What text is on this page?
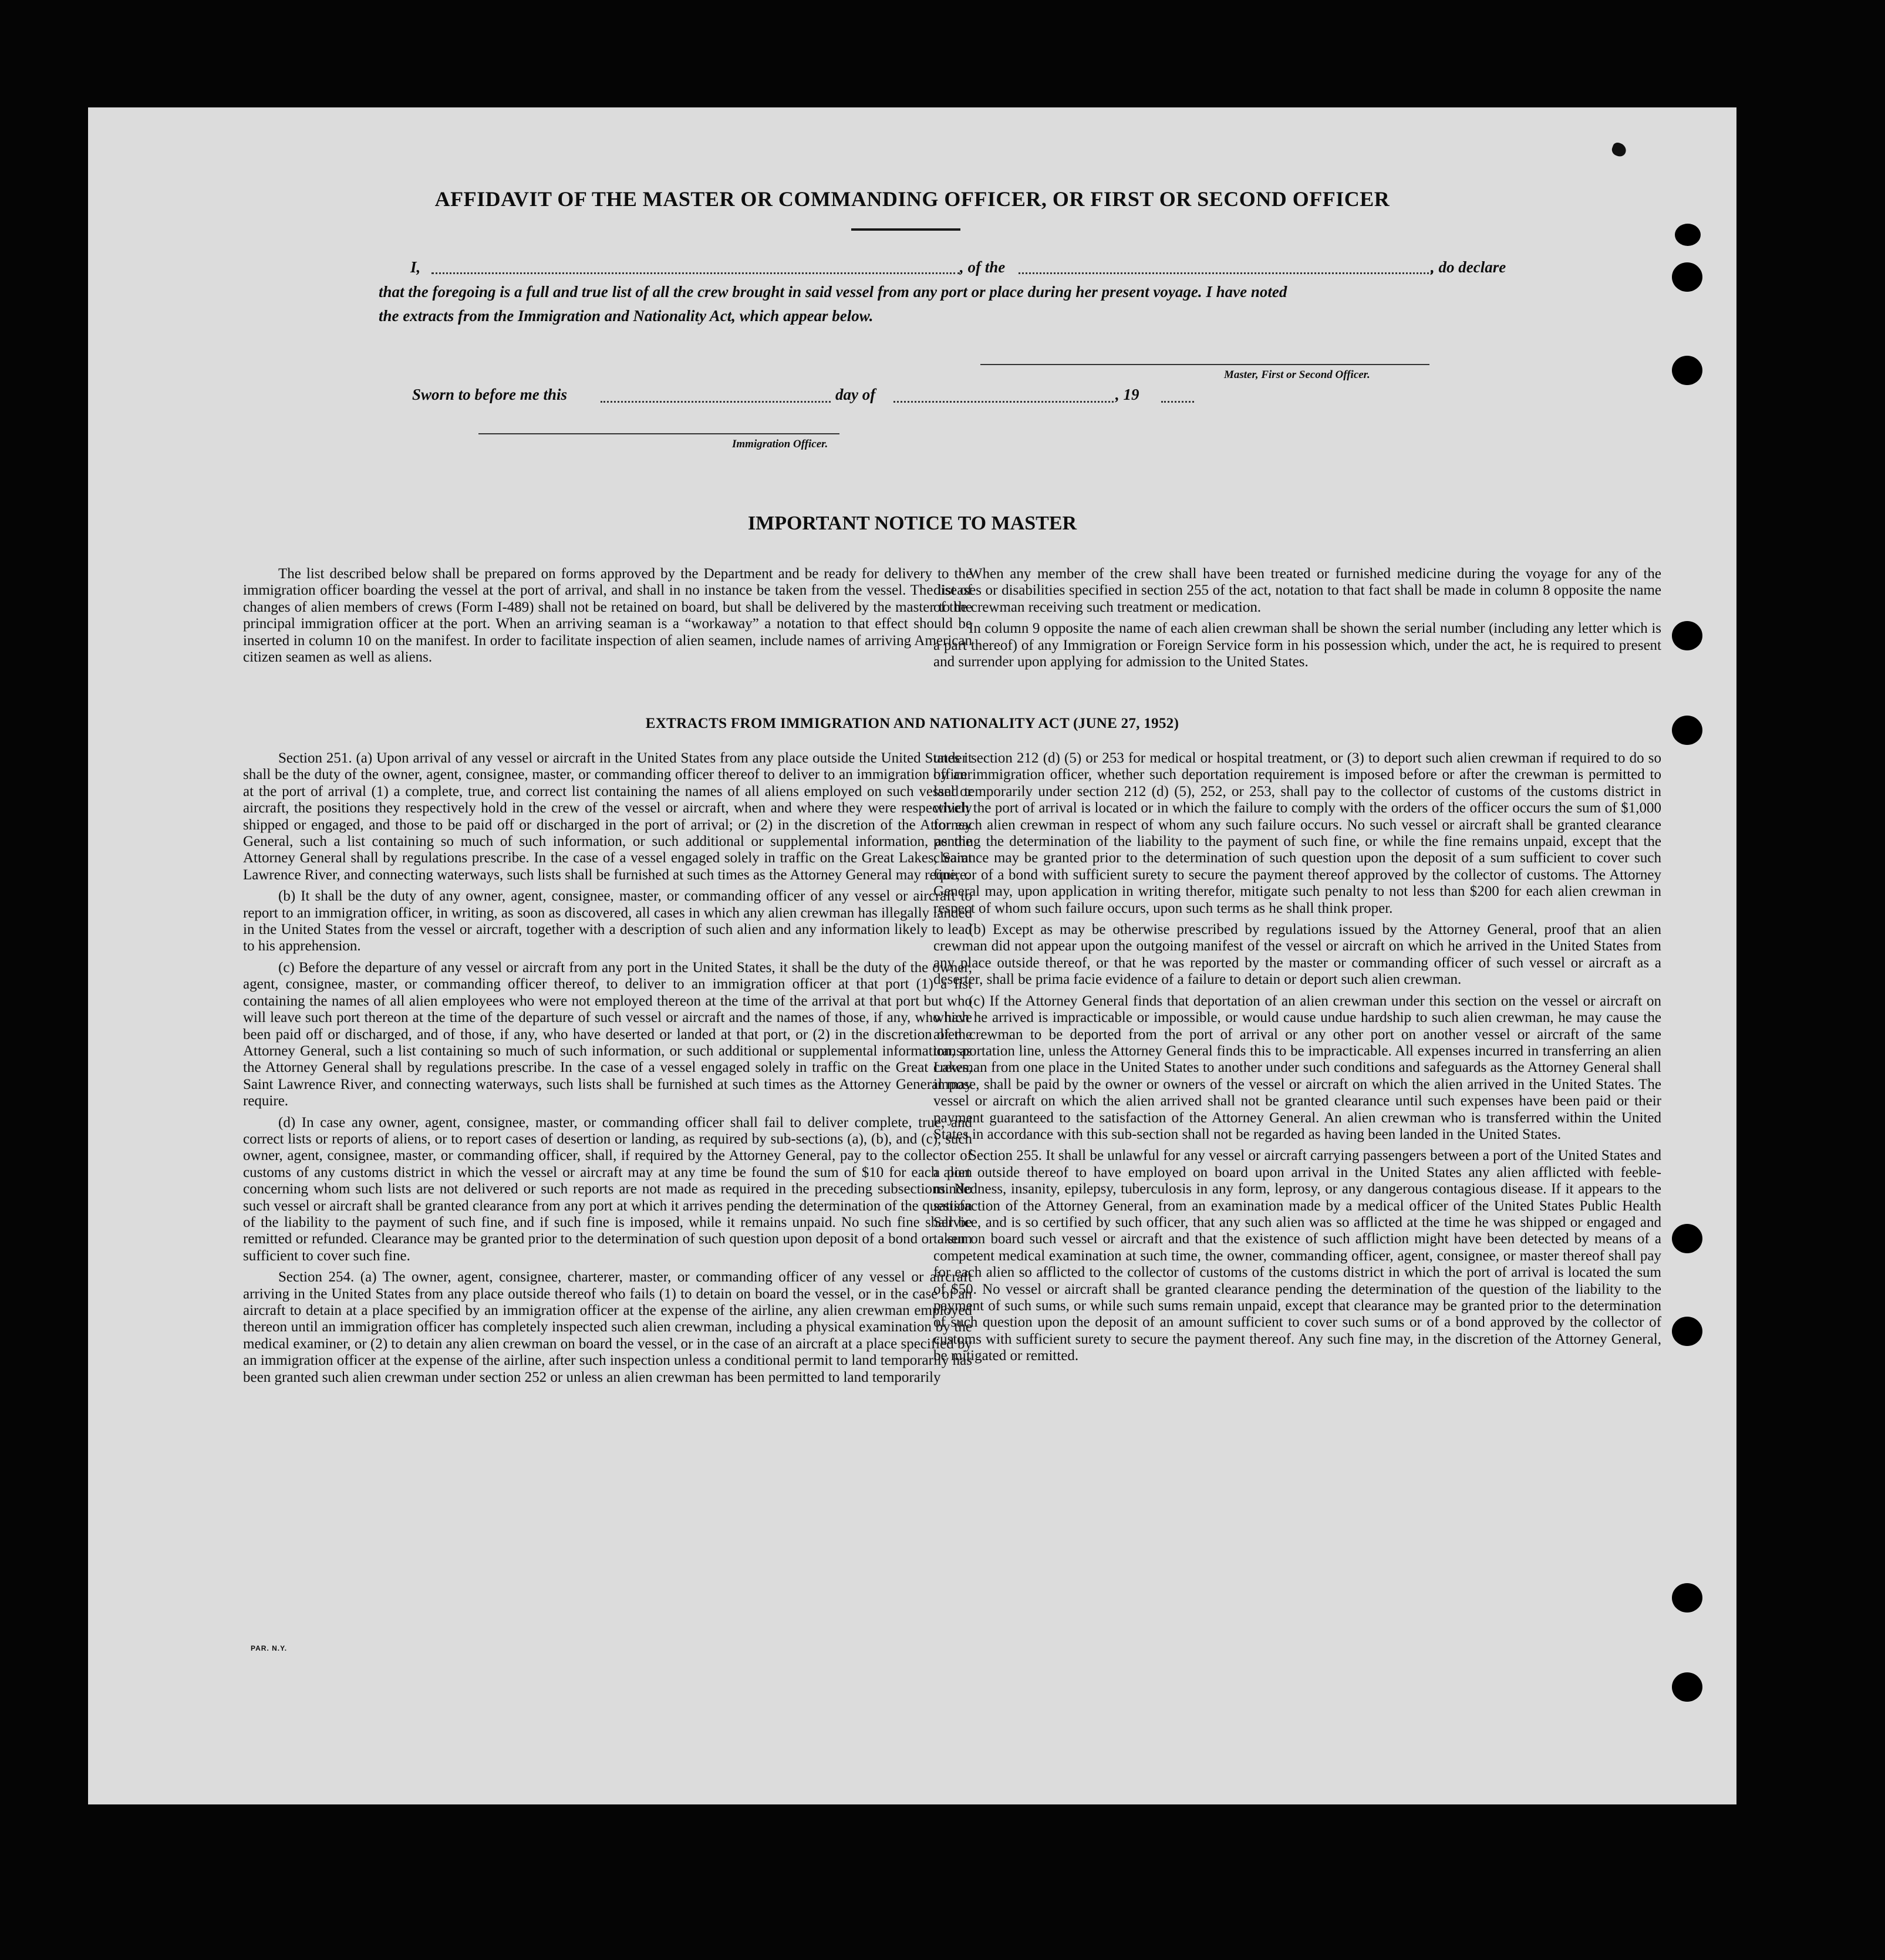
AFFIDAVIT OF THE MASTER OR COMMANDING OFFICER, OR FIRST OR SECOND OFFICER
I,	, of the	, do declare
that the foregoing is a full and true list of all the crew brought in said vessel from any port or place during her present voyage. I have noted
the extracts from the Immigration and Nationality Act, which appear below.
Master, First or Second Officer.
Sworn to before me this	day of	, 19
Immigration Officer.
IMPORTANT NOTICE TO MASTER

The list described below shall be prepared on forms approved by the Department and be ready for delivery to the immigration officer boarding the vessel at the port of arrival, and shall in no instance be taken from the vessel. The list of changes of alien members of crews (Form I-489) shall not be retained on board, but shall be delivered by the master to the principal immigration officer at the port. When an arriving seaman is a “workaway” a notation to that effect should be inserted in column 10 on the manifest. In order to facilitate inspection of alien seamen, include names of arriving American citizen seamen as well as aliens.

When any member of the crew shall have been treated or furnished medicine during the voyage for any of the diseases or disabilities specified in section 255 of the act, notation to that fact shall be made in column 8 opposite the name of the crewman receiving such treatment or medication.

In column 9 opposite the name of each alien crewman shall be shown the serial number (including any letter which is a part thereof) of any Immigration or Foreign Service form in his possession which, under the act, he is required to present and surrender upon applying for admission to the United States.

EXTRACTS FROM IMMIGRATION AND NATIONALITY ACT (JUNE 27, 1952)

Section 251. (a) Upon arrival of any vessel or aircraft in the United States from any place outside the United States it shall be the duty of the owner, agent, consignee, master, or commanding officer thereof to deliver to an immigration officer at the port of arrival (1) a complete, true, and correct list containing the names of all aliens employed on such vessel or aircraft, the positions they respectively hold in the crew of the vessel or aircraft, when and where they were respectively shipped or engaged, and those to be paid off or discharged in the port of arrival; or (2) in the discretion of the Attorney General, such a list containing so much of such information, or such additional or supplemental information, as the Attorney General shall by regulations prescribe. In the case of a vessel engaged solely in traffic on the Great Lakes, Saint Lawrence River, and connecting waterways, such lists shall be furnished at such times as the Attorney General may require.

(b) It shall be the duty of any owner, agent, consignee, master, or commanding officer of any vessel or aircraft to report to an immigration officer, in writing, as soon as discovered, all cases in which any alien crewman has illegally landed in the United States from the vessel or aircraft, together with a description of such alien and any information likely to lead to his apprehension.

(c) Before the departure of any vessel or aircraft from any port in the United States, it shall be the duty of the owner, agent, consignee, master, or commanding officer thereof, to deliver to an immigration officer at that port (1) a list containing the names of all alien employees who were not employed thereon at the time of the arrival at that port but who will leave such port thereon at the time of the departure of such vessel or aircraft and the names of those, if any, who have been paid off or discharged, and of those, if any, who have deserted or landed at that port, or (2) in the discretion of the Attorney General, such a list containing so much of such information, or such additional or supplemental information, as the Attorney General shall by regulations prescribe. In the case of a vessel engaged solely in traffic on the Great Lakes, Saint Lawrence River, and connecting waterways, such lists shall be furnished at such times as the Attorney General may require.

(d) In case any owner, agent, consignee, master, or commanding officer shall fail to deliver complete, true, and correct lists or reports of aliens, or to report cases of desertion or landing, as required by sub-sections (a), (b), and (c), such owner, agent, consignee, master, or commanding officer, shall, if required by the Attorney General, pay to the collector of customs of any customs district in which the vessel or aircraft may at any time be found the sum of $10 for each alien concerning whom such lists are not delivered or such reports are not made as required in the preceding subsections. No such vessel or aircraft shall be granted clearance from any port at which it arrives pending the determination of the question of the liability to the payment of such fine, and if such fine is imposed, while it remains unpaid. No such fine shall be remitted or refunded. Clearance may be granted prior to the determination of such question upon deposit of a bond or a sum sufficient to cover such fine.

Section 254. (a) The owner, agent, consignee, charterer, master, or commanding officer of any vessel or aircraft arriving in the United States from any place outside thereof who fails (1) to detain on board the vessel, or in the case of an aircraft to detain at a place specified by an immigration officer at the expense of the airline, any alien crewman employed thereon until an immigration officer has completely inspected such alien crewman, including a physical examination by the medical examiner, or (2) to detain any alien crewman on board the vessel, or in the case of an aircraft at a place specified by an immigration officer at the expense of the airline, after such inspection unless a conditional permit to land temporarily has been granted such alien crewman under section 252 or unless an alien crewman has been permitted to land temporarily

under section 212 (d) (5) or 253 for medical or hospital treatment, or (3) to deport such alien crewman if required to do so by an immigration officer, whether such deportation requirement is imposed before or after the crewman is permitted to land temporarily under section 212 (d) (5), 252, or 253, shall pay to the collector of customs of the customs district in which the port of arrival is located or in which the failure to comply with the orders of the officer occurs the sum of $1,000 for each alien crewman in respect of whom any such failure occurs. No such vessel or aircraft shall be granted clearance pending the determination of the liability to the payment of such fine, or while the fine remains unpaid, except that the clearance may be granted prior to the determination of such question upon the deposit of a sum sufficient to cover such fine, or of a bond with sufficient surety to secure the payment thereof approved by the collector of customs. The Attorney General may, upon application in writing therefor, mitigate such penalty to not less than $200 for each alien crewman in respect of whom such failure occurs, upon such terms as he shall think proper.

(b) Except as may be otherwise prescribed by regulations issued by the Attorney General, proof that an alien crewman did not appear upon the outgoing manifest of the vessel or aircraft on which he arrived in the United States from any place outside thereof, or that he was reported by the master or commanding officer of such vessel or aircraft as a deserter, shall be prima facie evidence of a failure to detain or deport such alien crewman.

(c) If the Attorney General finds that deportation of an alien crewman under this section on the vessel or aircraft on which he arrived is impracticable or impossible, or would cause undue hardship to such alien crewman, he may cause the alien crewman to be deported from the port of arrival or any other port on another vessel or aircraft of the same transportation line, unless the Attorney General finds this to be impracticable. All expenses incurred in transferring an alien crewman from one place in the United States to another under such conditions and safeguards as the Attorney General shall impose, shall be paid by the owner or owners of the vessel or aircraft on which the alien arrived in the United States. The vessel or aircraft on which the alien arrived shall not be granted clearance until such expenses have been paid or their payment guaranteed to the satisfaction of the Attorney General. An alien crewman who is transferred within the United States in accordance with this sub-section shall not be regarded as having been landed in the United States.

Section 255. It shall be unlawful for any vessel or aircraft carrying passengers between a port of the United States and a port outside thereof to have employed on board upon arrival in the United States any alien afflicted with feeble-mindedness, insanity, epilepsy, tuberculosis in any form, leprosy, or any dangerous contagious disease. If it appears to the satisfaction of the Attorney General, from an examination made by a medical officer of the United States Public Health Service, and is so certified by such officer, that any such alien was so afflicted at the time he was shipped or engaged and taken on board such vessel or aircraft and that the existence of such affliction might have been detected by means of a competent medical examination at such time, the owner, commanding officer, agent, consignee, or master thereof shall pay for each alien so afflicted to the collector of customs of the customs district in which the port of arrival is located the sum of $50. No vessel or aircraft shall be granted clearance pending the determination of the question of the liability to the payment of such sums, or while such sums remain unpaid, except that clearance may be granted prior to the determination of such question upon the deposit of an amount sufficient to cover such sums or of a bond approved by the collector of customs with sufficient surety to secure the payment thereof. Any such fine may, in the discretion of the Attorney General, be mitigated or remitted.

PAR. N.Y.
